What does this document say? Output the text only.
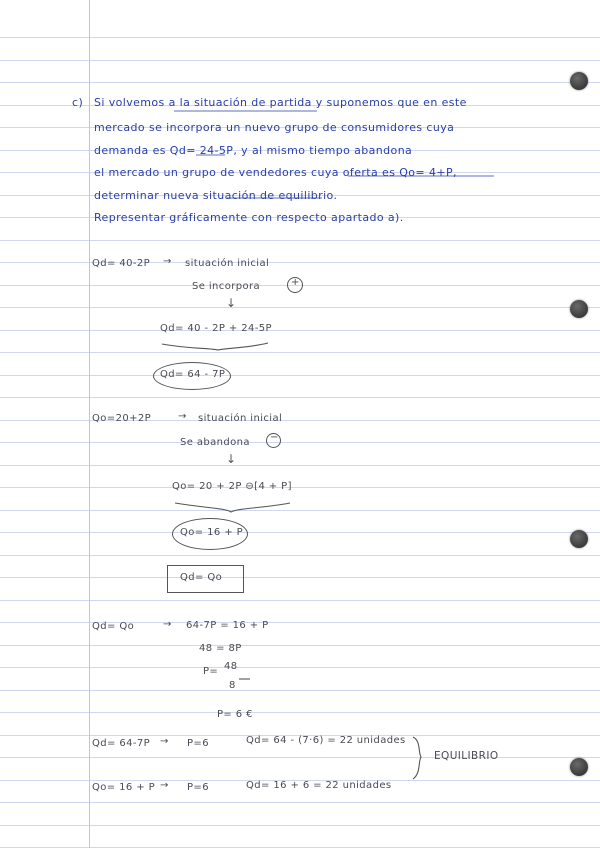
c) Si volvemos a la situación de partida y suponemos que en este
mercado se incorpora un nuevo grupo de consumidores cuya
demanda es Qd= 24-5P, y al mismo tiempo abandona
el mercado un grupo de vendedores cuya oferta es Qo= 4+P,
determinar nueva situación de equilibrio.
Representar gráficamente con respecto apartado a).
Qd= 40-2P → situación inicial
Se incorpora	+
↓
Qd= 40 - 2P + 24-5P
Qd= 64 - 7P
Qo=20+2P	→ situación inicial
Se abandona −
↓
Qo= 20 + 2P ⊖[4 + P]
Qo= 16 + P
Qd= Qo
Qd= Qo	→ 64-7P = 16 + P
48 = 8P
P= 48
8
P= 6 €
Qd= 64-7P → P=6	Qd= 64 - (7·6) = 22 unidades
Qo= 16 + P → P=6	Qd= 16 + 6 = 22 unidades
EQUILIBRIO
